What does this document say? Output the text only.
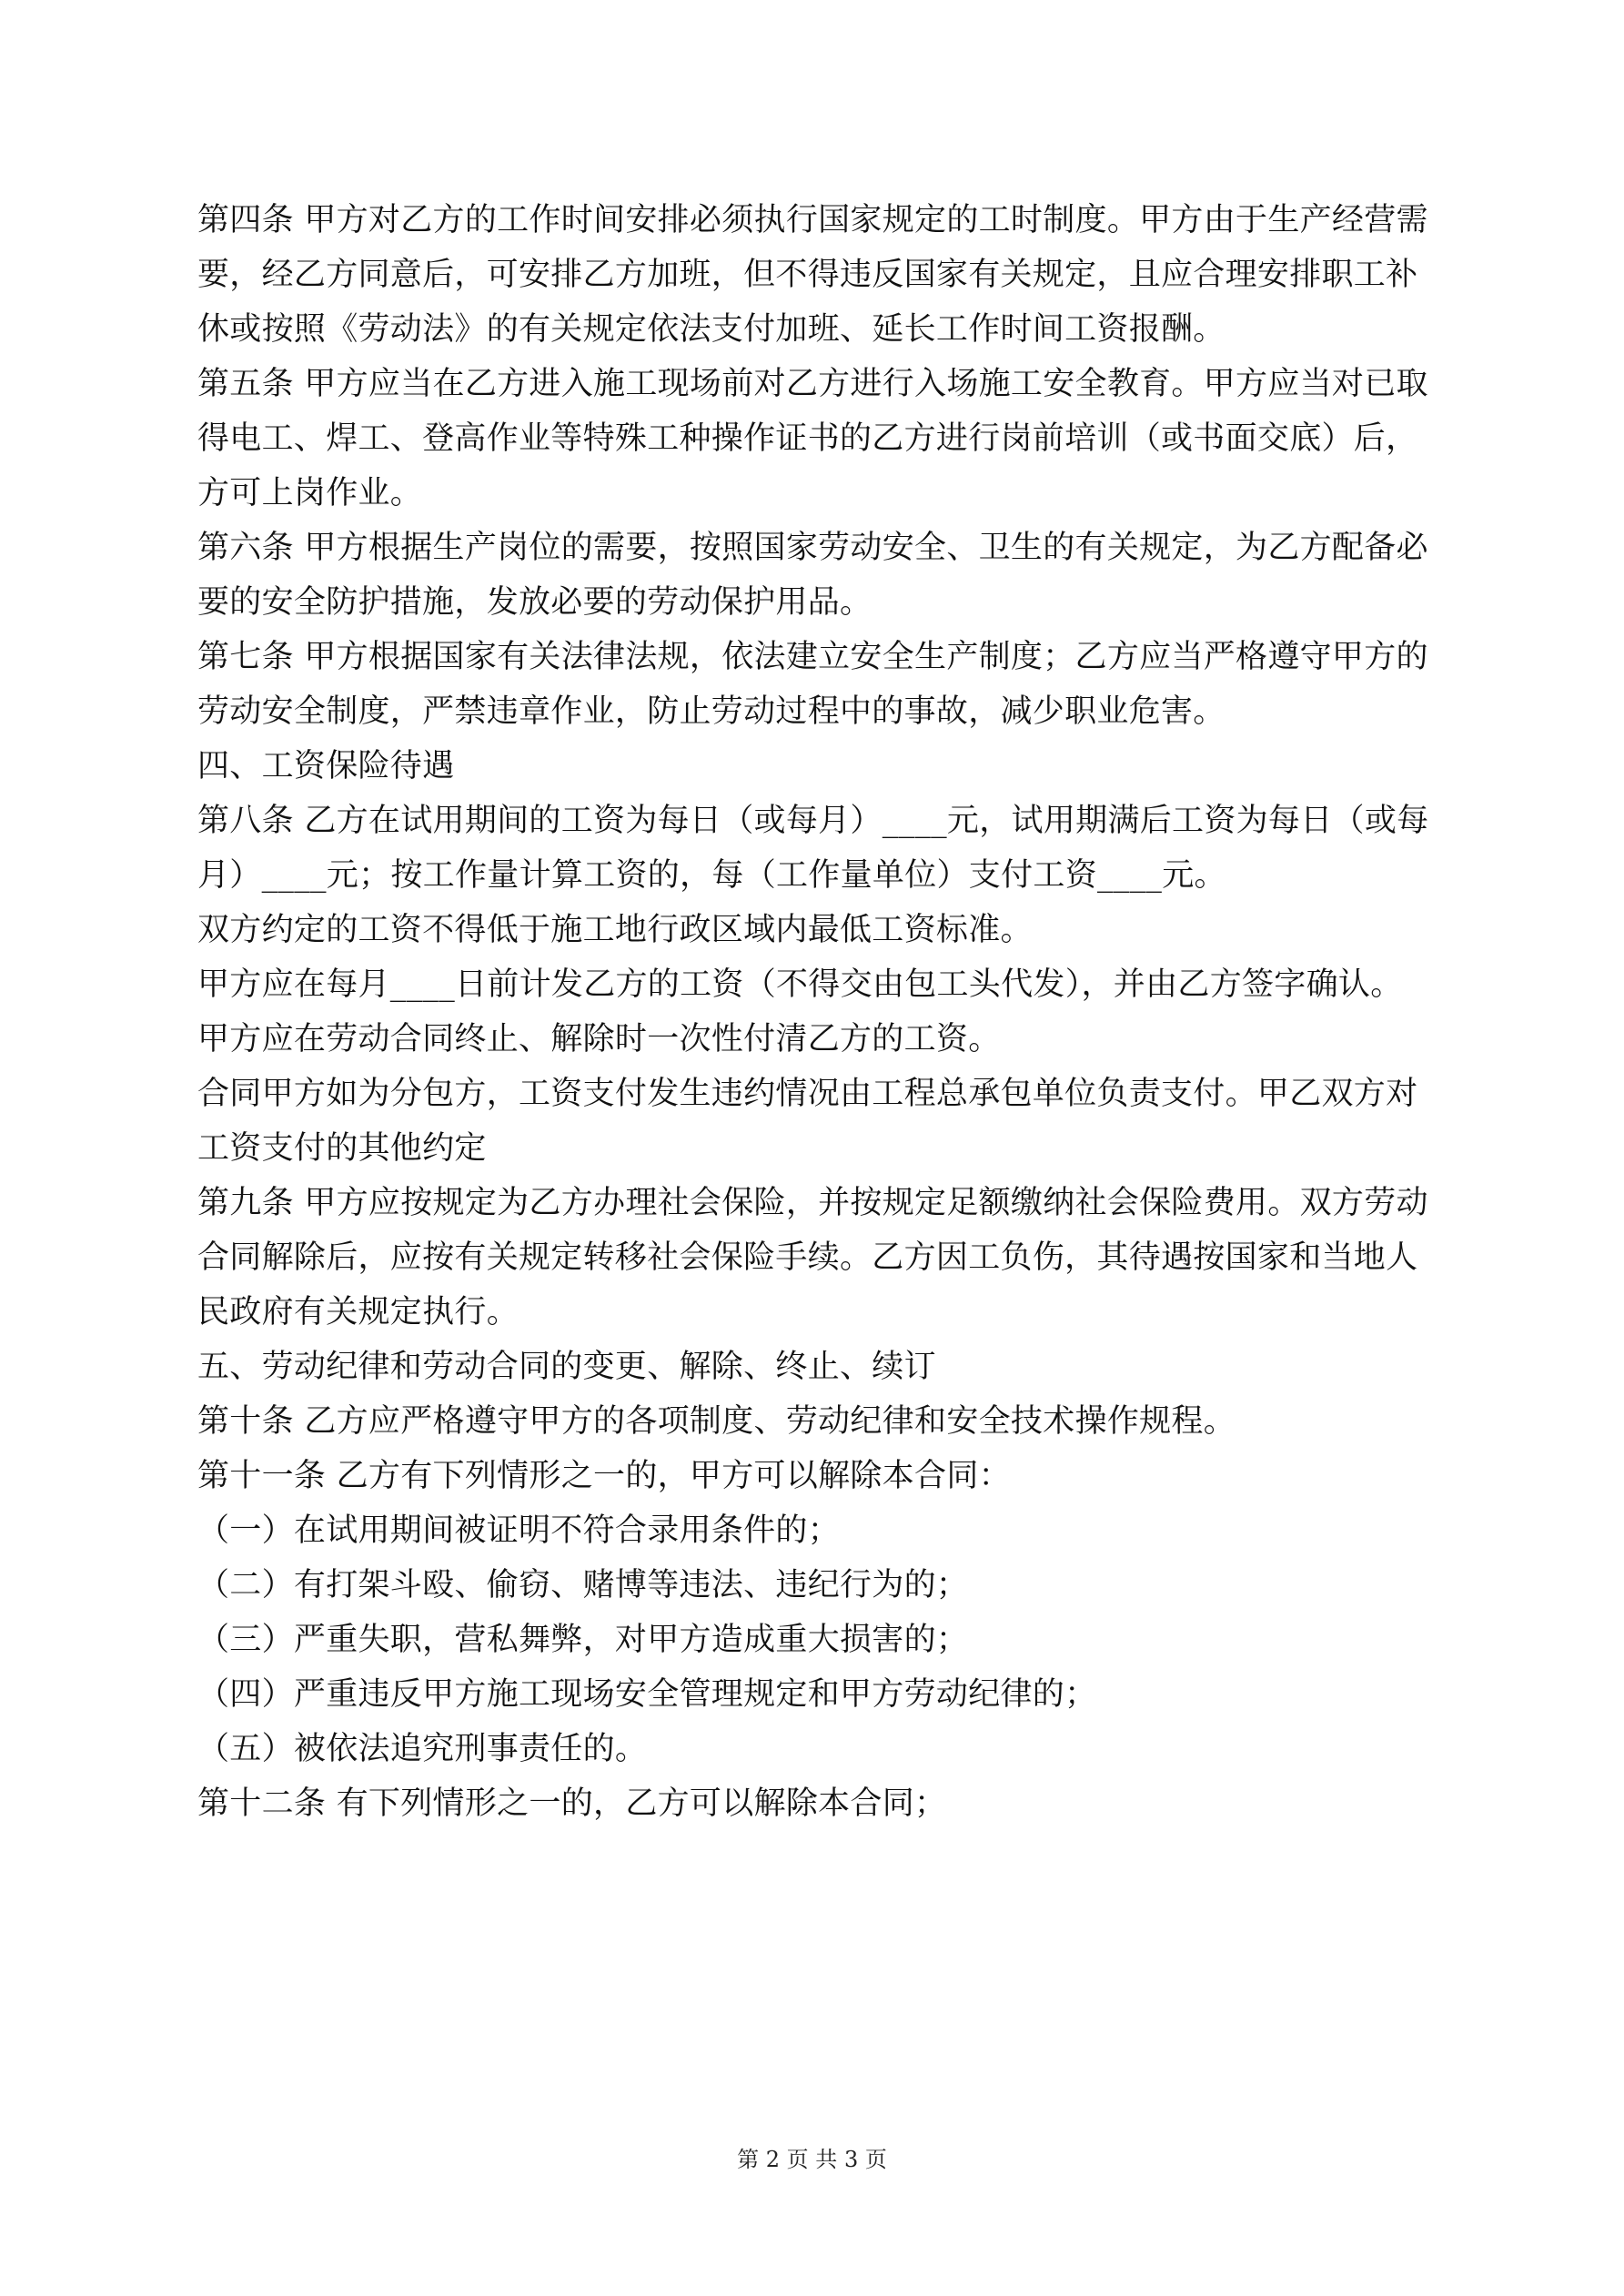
第四条 甲方对乙方的工作时间安排必须执行国家规定的工时制度。甲方由于生产经营需要，经乙方同意后，可安排乙方加班，但不得违反国家有关规定，且应合理安排职工补休或按照《劳动法》的有关规定依法支付加班、延长工作时间工资报酬。

第五条 甲方应当在乙方进入施工现场前对乙方进行入场施工安全教育。甲方应当对已取得电工、焊工、登高作业等特殊工种操作证书的乙方进行岗前培训（或书面交底）后，方可上岗作业。

第六条 甲方根据生产岗位的需要，按照国家劳动安全、卫生的有关规定，为乙方配备必要的安全防护措施，发放必要的劳动保护用品。

第七条 甲方根据国家有关法律法规，依法建立安全生产制度；乙方应当严格遵守甲方的劳动安全制度，严禁违章作业，防止劳动过程中的事故，减少职业危害。

四、工资保险待遇

第八条 乙方在试用期间的工资为每日（或每月）____元，试用期满后工资为每日（或每月）____元；按工作量计算工资的，每（工作量单位）支付工资____元。

双方约定的工资不得低于施工地行政区域内最低工资标准。

甲方应在每月____日前计发乙方的工资（不得交由包工头代发），并由乙方签字确认。

甲方应在劳动合同终止、解除时一次性付清乙方的工资。

合同甲方如为分包方，工资支付发生违约情况由工程总承包单位负责支付。甲乙双方对工资支付的其他约定

第九条 甲方应按规定为乙方办理社会保险，并按规定足额缴纳社会保险费用。双方劳动合同解除后，应按有关规定转移社会保险手续。乙方因工负伤，其待遇按国家和当地人民政府有关规定执行。

五、劳动纪律和劳动合同的变更、解除、终止、续订

第十条 乙方应严格遵守甲方的各项制度、劳动纪律和安全技术操作规程。

第十一条 乙方有下列情形之一的，甲方可以解除本合同：

（一）在试用期间被证明不符合录用条件的；

（二）有打架斗殴、偷窃、赌博等违法、违纪行为的；

（三）严重失职，营私舞弊，对甲方造成重大损害的；

（四）严重违反甲方施工现场安全管理规定和甲方劳动纪律的；

（五）被依法追究刑事责任的。

第十二条 有下列情形之一的，乙方可以解除本合同；

第 2 页 共 3 页
